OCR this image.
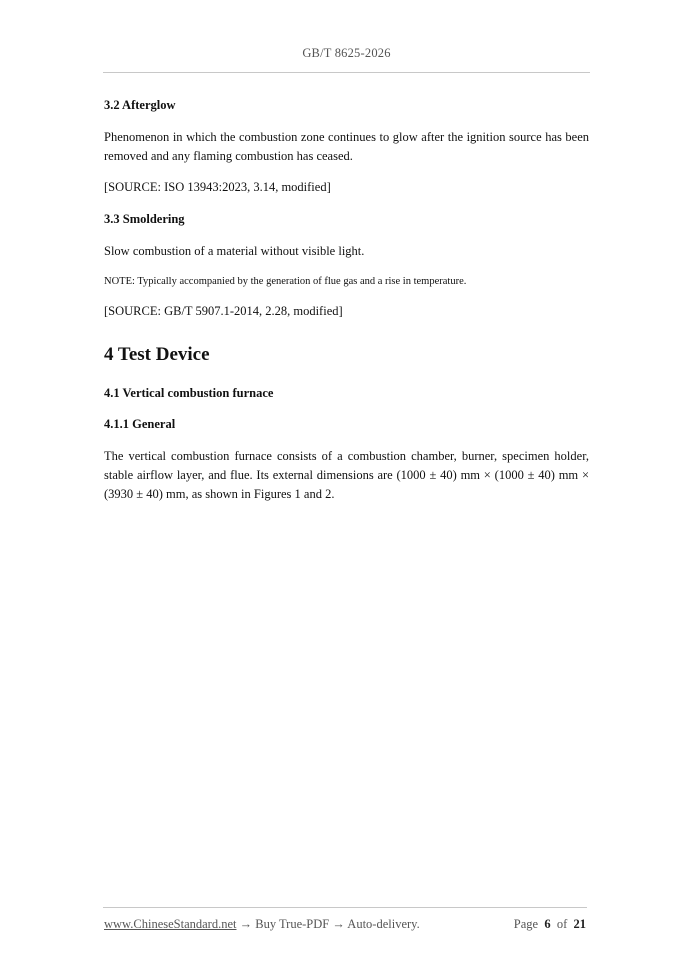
GB/T 8625-2026
3.2 Afterglow

Phenomenon in which the combustion zone continues to glow after the ignition source has been removed and any flaming combustion has ceased.

[SOURCE: ISO 13943:2023, 3.14, modified]

3.3 Smoldering

Slow combustion of a material without visible light.

NOTE: Typically accompanied by the generation of flue gas and a rise in temperature.

[SOURCE: GB/T 5907.1-2014, 2.28, modified]

4 Test Device
4.1 Vertical combustion furnace
4.1.1 General

The vertical combustion furnace consists of a combustion chamber, burner, specimen holder, stable airflow layer, and flue. Its external dimensions are (1000 ± 40) mm × (1000 ± 40) mm × (3930 ± 40) mm, as shown in Figures 1 and 2.

www.ChineseStandard.net → Buy True-PDF → Auto-delivery.	Page 6 of 21
